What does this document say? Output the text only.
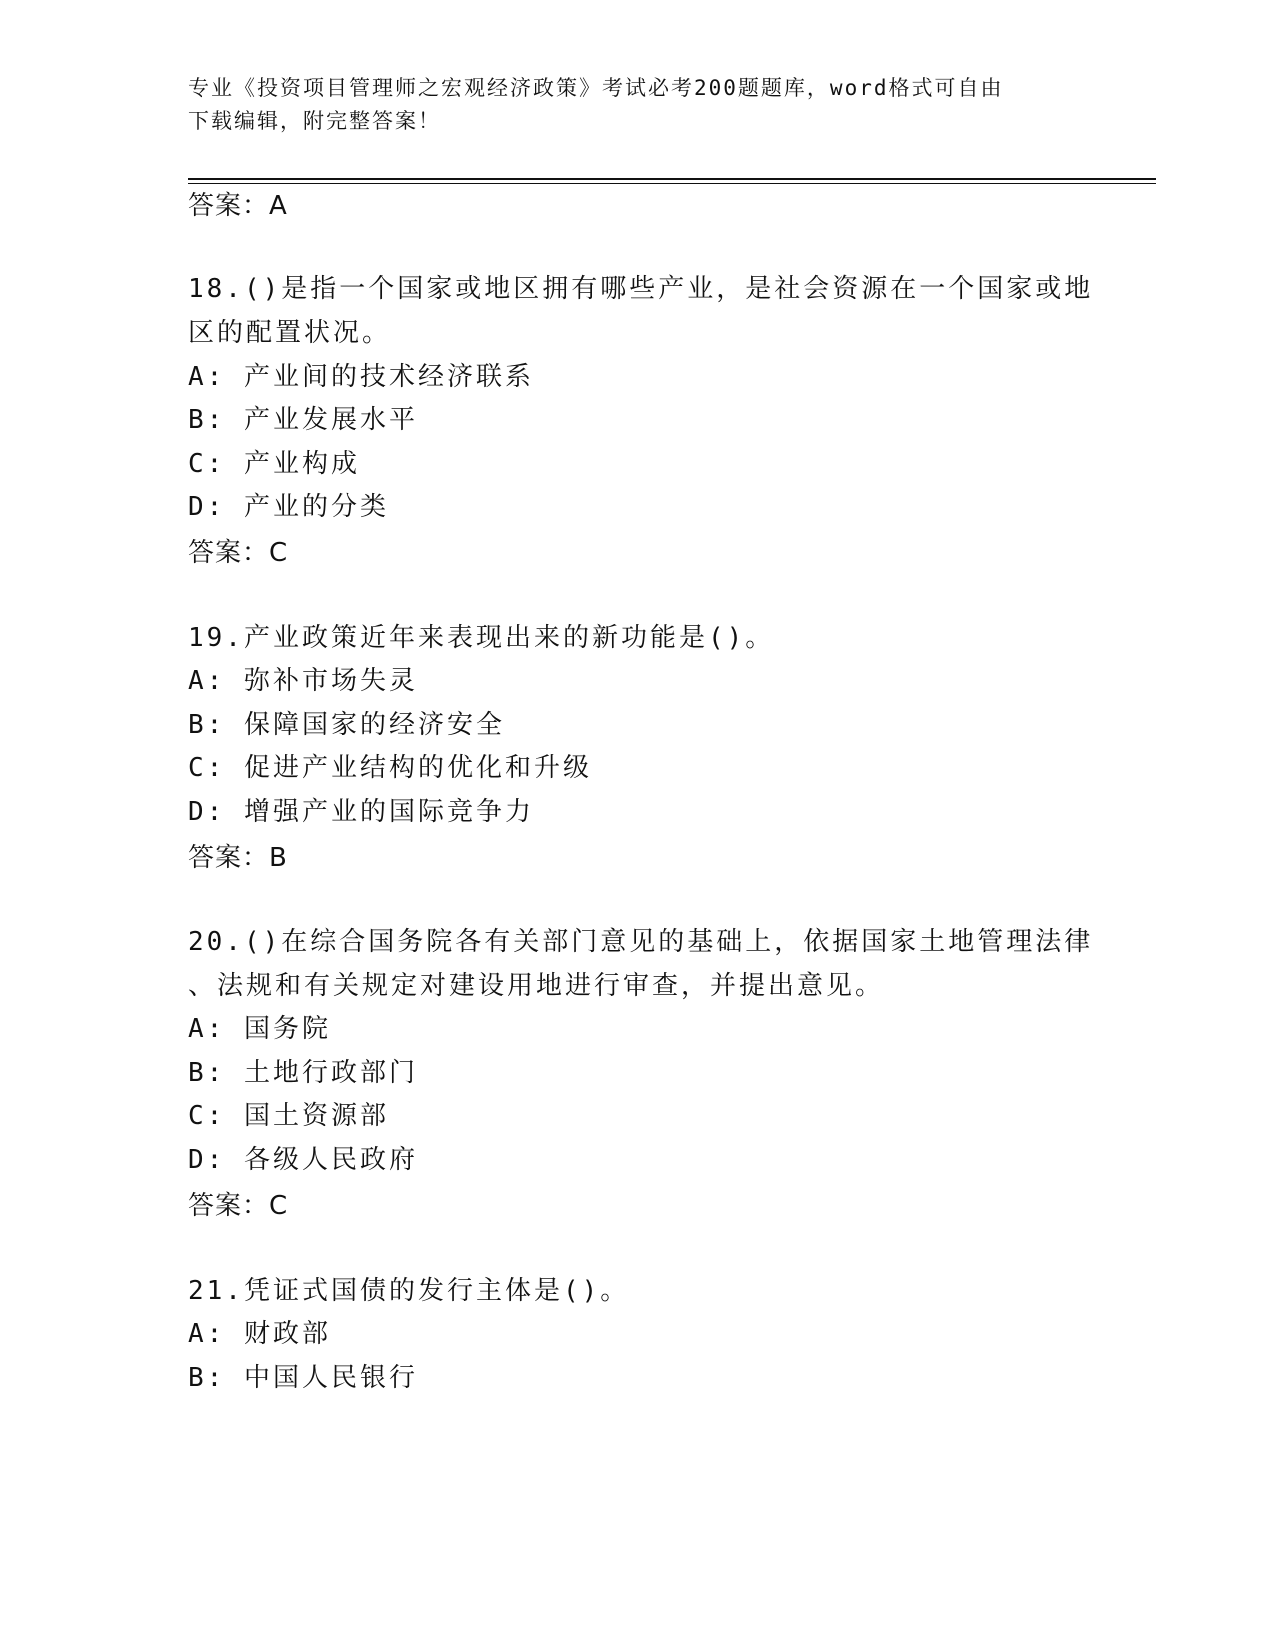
专业《投资项目管理师之宏观经济政策》考试必考200题题库，word格式可自由
下载编辑，附完整答案！
答案：A
18.()是指一个国家或地区拥有哪些产业，是社会资源在一个国家或地
区的配置状况。
A: 产业间的技术经济联系
B: 产业发展水平
C: 产业构成
D: 产业的分类
答案：C
19.产业政策近年来表现出来的新功能是()。
A: 弥补市场失灵
B: 保障国家的经济安全
C: 促进产业结构的优化和升级
D: 增强产业的国际竞争力
答案：B
20.()在综合国务院各有关部门意见的基础上，依据国家土地管理法律
、法规和有关规定对建设用地进行审查，并提出意见。
A: 国务院
B: 土地行政部门
C: 国土资源部
D: 各级人民政府
答案：C
21.凭证式国债的发行主体是()。
A: 财政部
B: 中国人民银行
